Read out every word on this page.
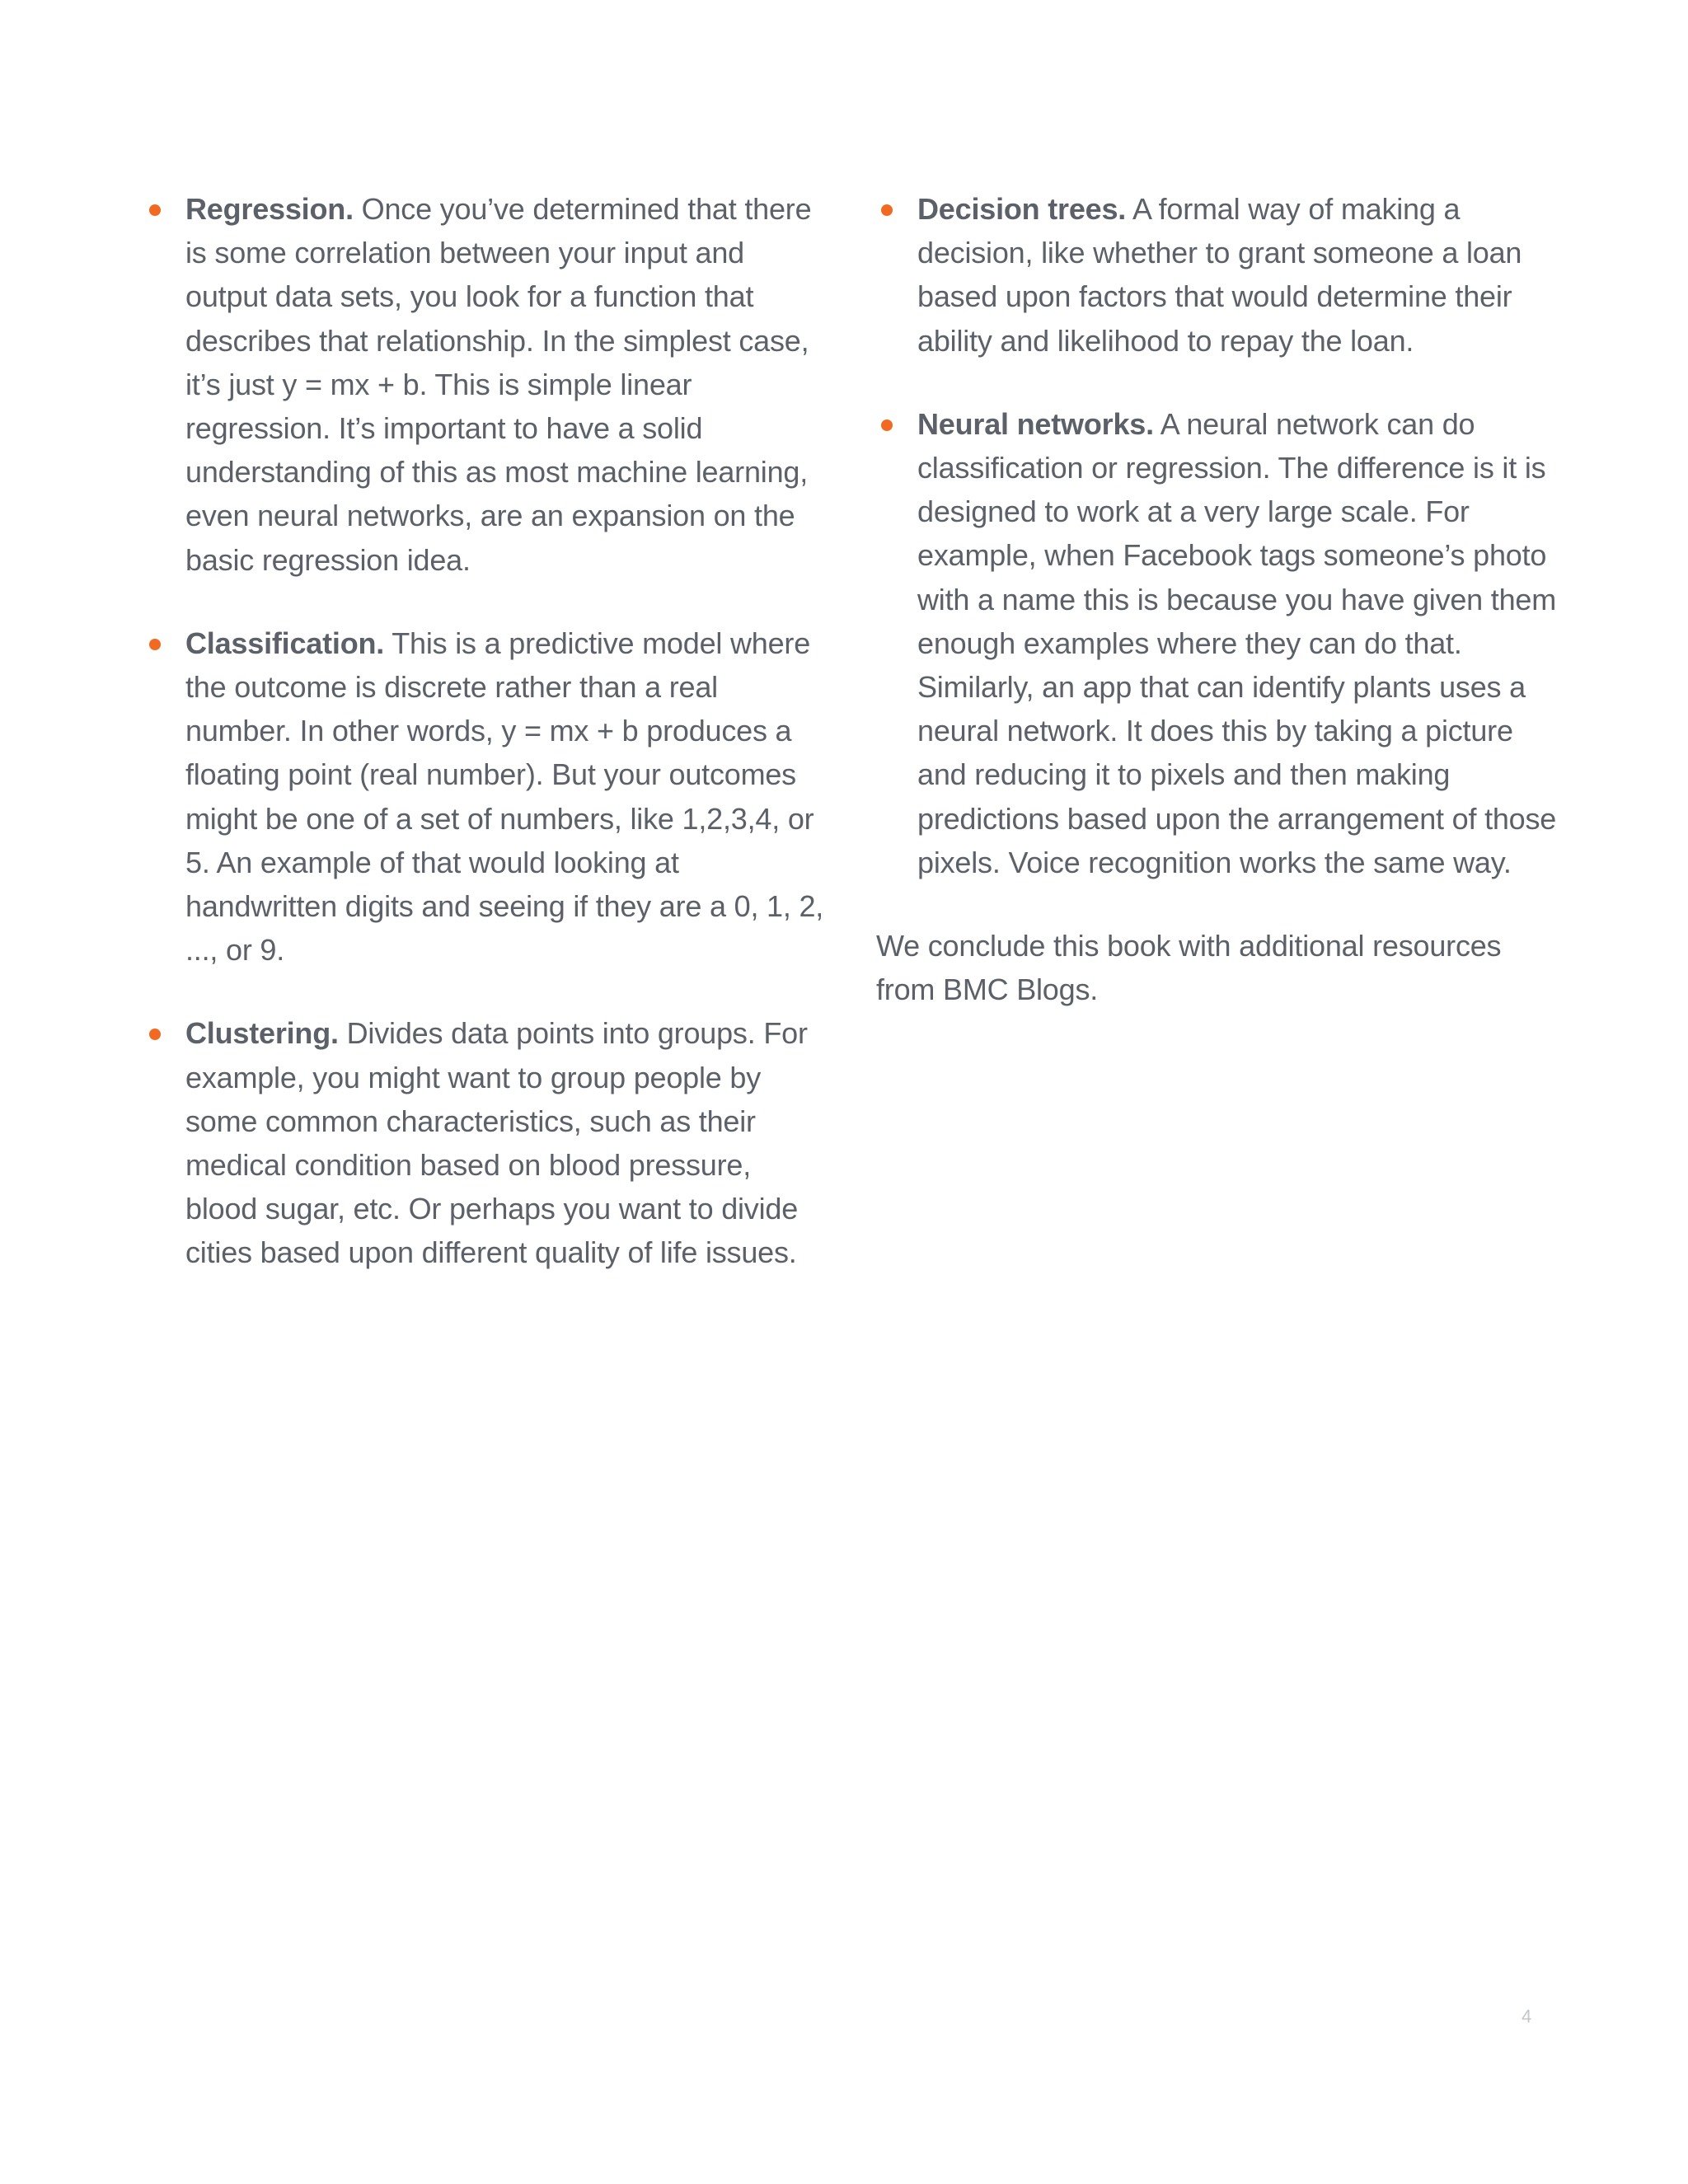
Regression. Once you’ve determined that there is some correlation between your input and output data sets, you look for a function that describes that relationship. In the simplest case, it’s just y = mx + b. This is simple linear regression. It’s important to have a solid understanding of this as most machine learning, even neural networks, are an expansion on the basic regression idea.
Classification. This is a predictive model where the outcome is discrete rather than a real number. In other words, y = mx + b produces a floating point (real number). But your outcomes might be one of a set of numbers, like 1,2,3,4, or 5. An example of that would looking at handwritten digits and seeing if they are a 0, 1, 2, ..., or 9.
Clustering. Divides data points into groups. For example, you might want to group people by some common characteristics, such as their medical condition based on blood pressure, blood sugar, etc. Or perhaps you want to divide cities based upon different quality of life issues.
Decision trees. A formal way of making a decision, like whether to grant someone a loan based upon factors that would determine their ability and likelihood to repay the loan.
Neural networks. A neural network can do classification or regression. The difference is it is designed to work at a very large scale. For example, when Facebook tags someone’s photo with a name this is because you have given them enough examples where they can do that. Similarly, an app that can identify plants uses a neural network. It does this by taking a picture and reducing it to pixels and then making predictions based upon the arrangement of those pixels. Voice recognition works the same way.

We conclude this book with additional resources from BMC Blogs.

4
